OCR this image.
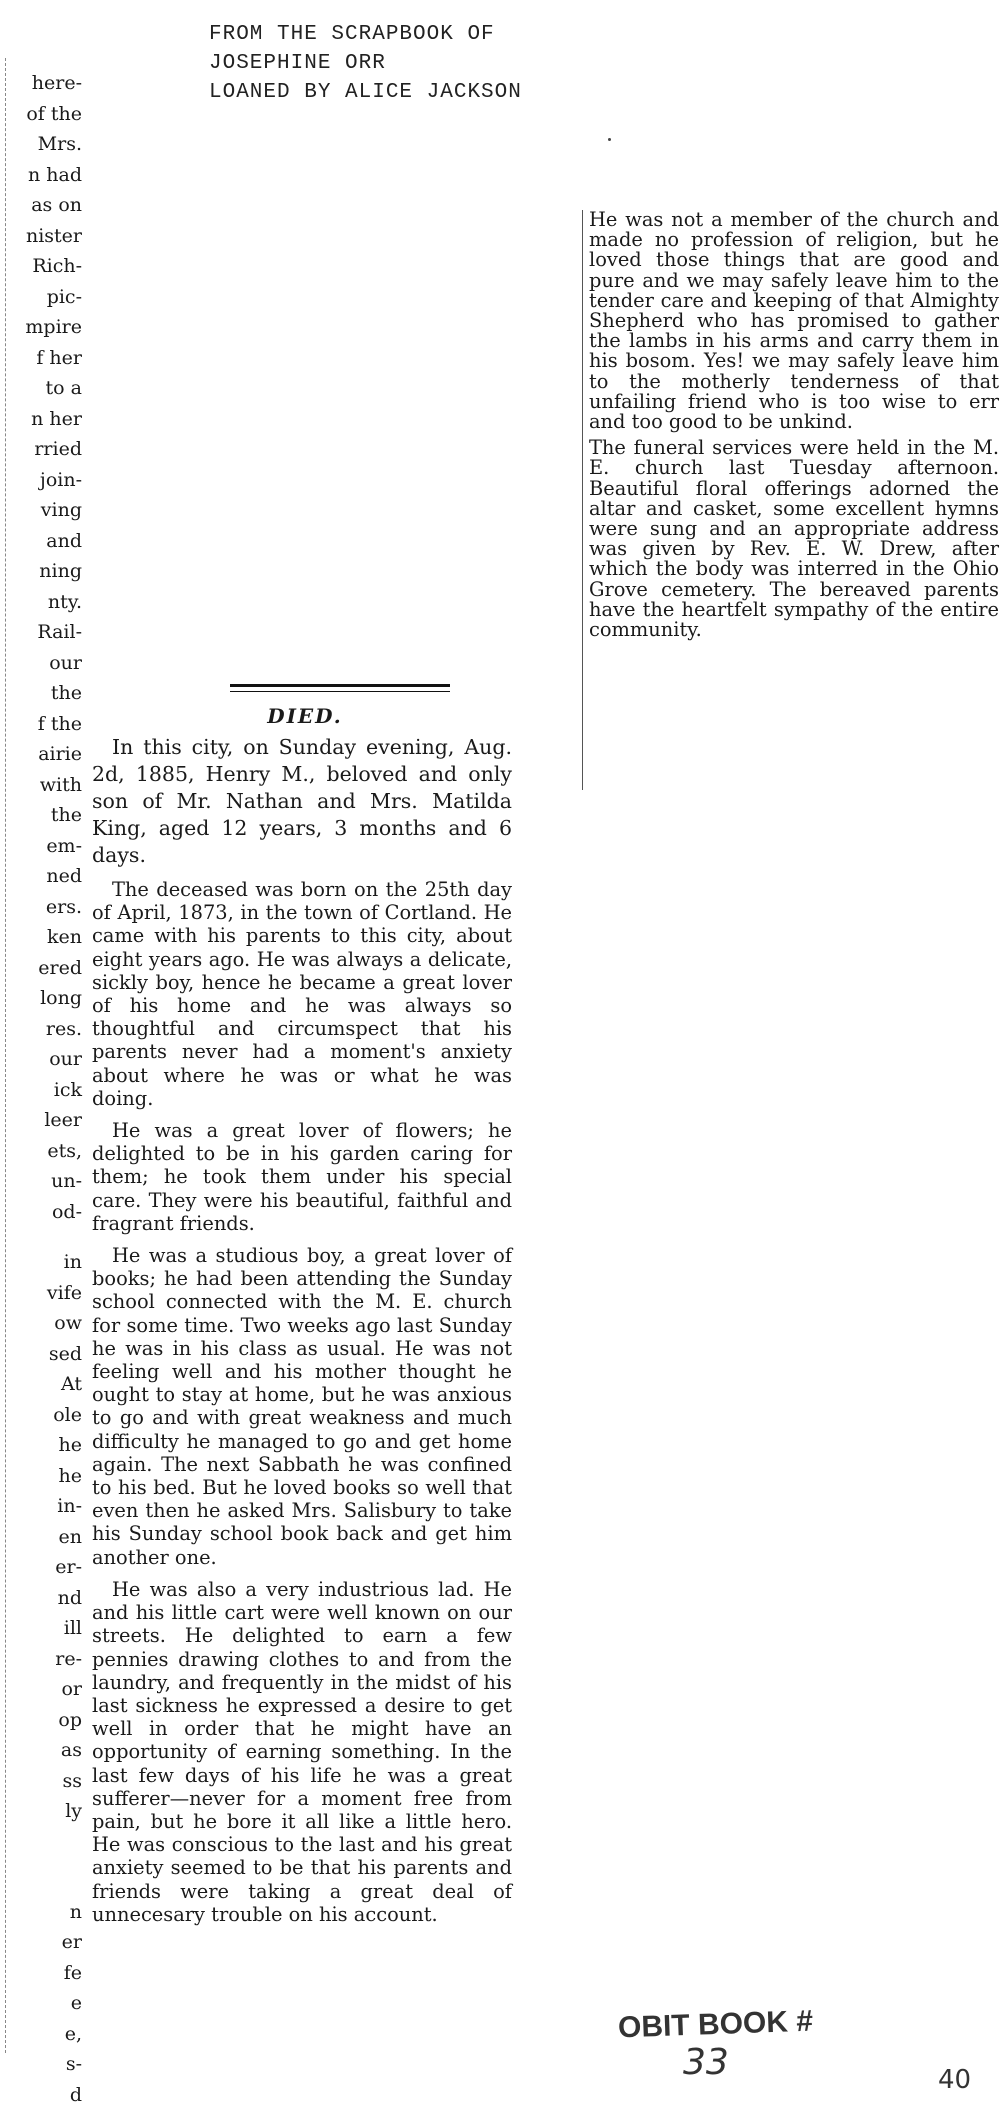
FROM THE SCRAPBOOK OF
JOSEPHINE ORR
LOANED BY ALICE JACKSON
here-
of the
Mrs.
n had
as on
nister
Rich-
pic-
mpire
f her
to a
n her
rried
join-
ving
and
ning
nty.
Rail-
our
the
f the
airie
with
the
em-
ned
ers.
ken
ered
long
res.
our
ick
leer
ets,
un-
od-
in
vife
ow
sed
At
ole
he
he
in-
en
er-
nd
ill
re-
or
op
as
ss
ly
n
er
fe
e
e,
s-
d
DIED.

In this city, on Sunday evening, Aug. 2d, 1885, Henry M., beloved and only son of Mr. Nathan and Mrs. Matilda King, aged 12 years, 3 months and 6 days.

The deceased was born on the 25th day of April, 1873, in the town of Cortland. He came with his parents to this city, about eight years ago. He was always a delicate, sickly boy, hence he became a great lover of his home and he was always so thoughtful and circumspect that his parents never had a moment's anxiety about where he was or what he was doing.

He was a great lover of flowers; he delighted to be in his garden caring for them; he took them under his special care. They were his beautiful, faithful and fragrant friends.

He was a studious boy, a great lover of books; he had been attending the Sunday school connected with the M. E. church for some time. Two weeks ago last Sunday he was in his class as usual. He was not feeling well and his mother thought he ought to stay at home, but he was anxious to go and with great weakness and much difficulty he managed to go and get home again. The next Sabbath he was confined to his bed. But he loved books so well that even then he asked Mrs. Salisbury to take his Sunday school book back and get him another one.

He was also a very industrious lad. He and his little cart were well known on our streets. He delighted to earn a few pennies drawing clothes to and from the laundry, and frequently in the midst of his last sickness he expressed a desire to get well in order that he might have an opportunity of earning something. In the last few days of his life he was a great sufferer—never for a moment free from pain, but he bore it all like a little hero. He was conscious to the last and his great anxiety seemed to be that his parents and friends were taking a great deal of unnecesary trouble on his account.

He was not a member of the church and made no profession of religion, but he loved those things that are good and pure and we may safely leave him to the tender care and keeping of that Almighty Shepherd who has promised to gather the lambs in his arms and carry them in his bosom. Yes! we may safely leave him to the motherly tenderness of that unfailing friend who is too wise to err and too good to be unkind.

The funeral services were held in the M. E. church last Tuesday afternoon. Beautiful floral offerings adorned the altar and casket, some excellent hymns were sung and an appropriate address was given by Rev. E. W. Drew, after which the body was interred in the Ohio Grove cemetery. The bereaved parents have the heartfelt sympathy of the entire community.

OBIT BOOK #
33	40
